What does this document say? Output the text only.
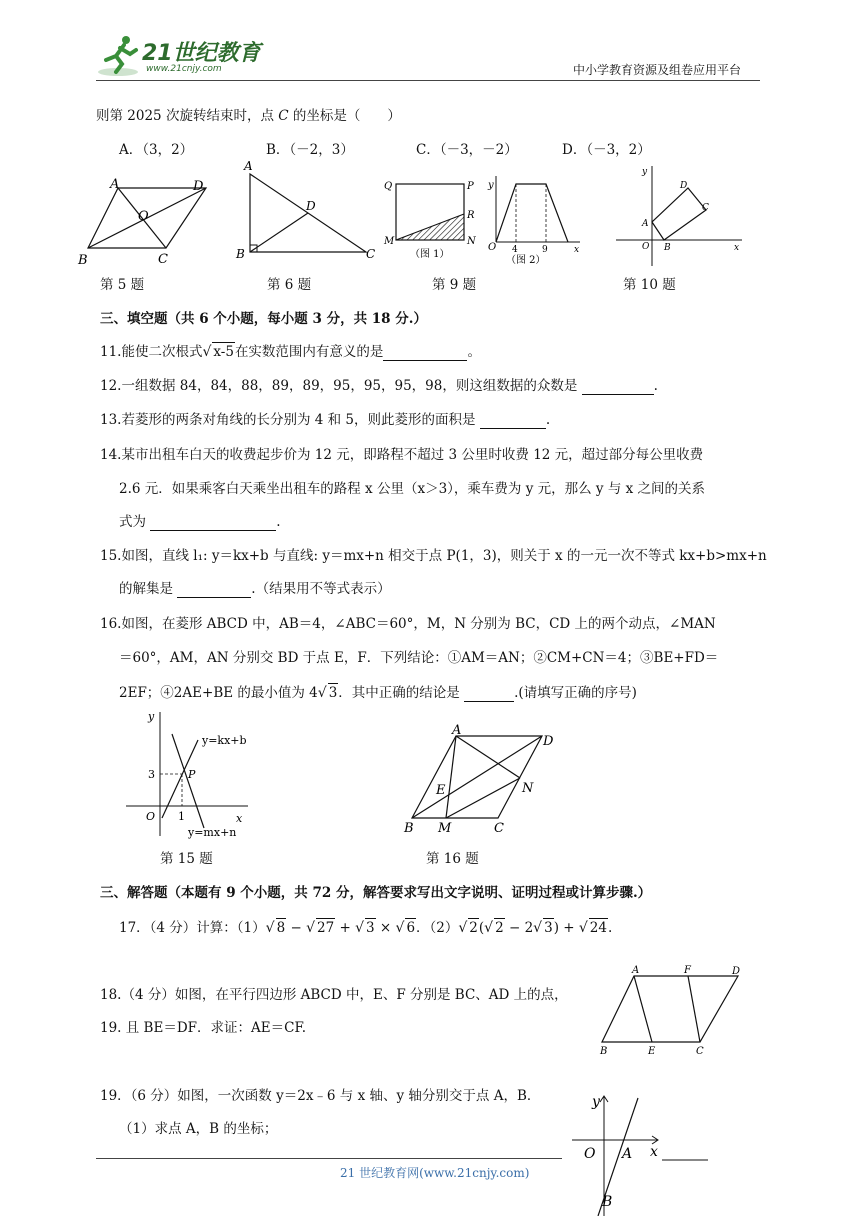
21世纪教育
www.21cnjy.com	中小学教育资源及组卷应用平台
则第 2025 次旋转结束时，点 C 的坐标是（　　）
A．（3，2）	B．（－2，3）	C．（－3，－2）	D．（－3，2）
A	D
O
B	C
A
D
B	C
Q	P
R
M	N
（图 1）
y
O 4	9	x
（图 2）
y
D
C
A
O B	x
第 5 题	第 6 题	第 9 题	第 10 题
三、填空题（共 6 个小题，每小题 3 分，共 18 分.）
11.能使二次根式√ x-5在实数范围内有意义的是	。
12.一组数据 84，84，88，89，89，95，95，95，98，则这组数据的众数是	.
13.若菱形的两条对角线的长分别为 4 和 5，则此菱形的面积是	.
14.某市出租车白天的收费起步价为 12 元，即路程不超过 3 公里时收费 12 元，超过部分每公里收费
2.6 元．如果乘客白天乘坐出租车的路程 x 公里（x＞3），乘车费为 y 元，那么 y 与 x 之间的关系
式为	.
15.如图，直线 l₁: y＝kx+b 与直线: y＝mx+n 相交于点 P(1，3)，则关于 x 的一元一次不等式 kx+b>mx+n
的解集是	.（结果用不等式表示）
16.如图，在菱形 ABCD 中，AB＝4，∠ABC＝60°，M，N 分别为 BC，CD 上的两个动点，∠MAN
＝60°，AM，AN 分别交 BD 于点 E，F．下列结论：①AM＝AN；②CM+CN＝4；③BE+FD＝
2EF；④2AE+BE 的最小值为 4√ 3．其中正确的结论是	.(请填写正确的序号)
y
y=kx+b
3	P
O 1	x
y=mx+n
A
D
E	N
B M	C
第 15 题	第 16 题
三、解答题（本题有 9 个小题，共 72 分，解答要求写出文字说明、证明过程或计算步骤.）
17．（4 分）计算：（1）√ 8 − √ 27 + √ 3 × √ 6．（2）√ 2(√ 2 − 2√ 3) + √ 24.
18.（4 分）如图，在平行四边形 ABCD 中，E、F 分别是 BC、AD 上的点，
19. 且 BE＝DF．求证：AE＝CF.
A	F	D
B	E	C
19．（6 分）如图，一次函数 y＝2x﹣6 与 x 轴、y 轴分别交于点 A，B．
（1）求点 A，B 的坐标；
y
O A x
B
21 世纪教育网(www.21cnjy.com)
